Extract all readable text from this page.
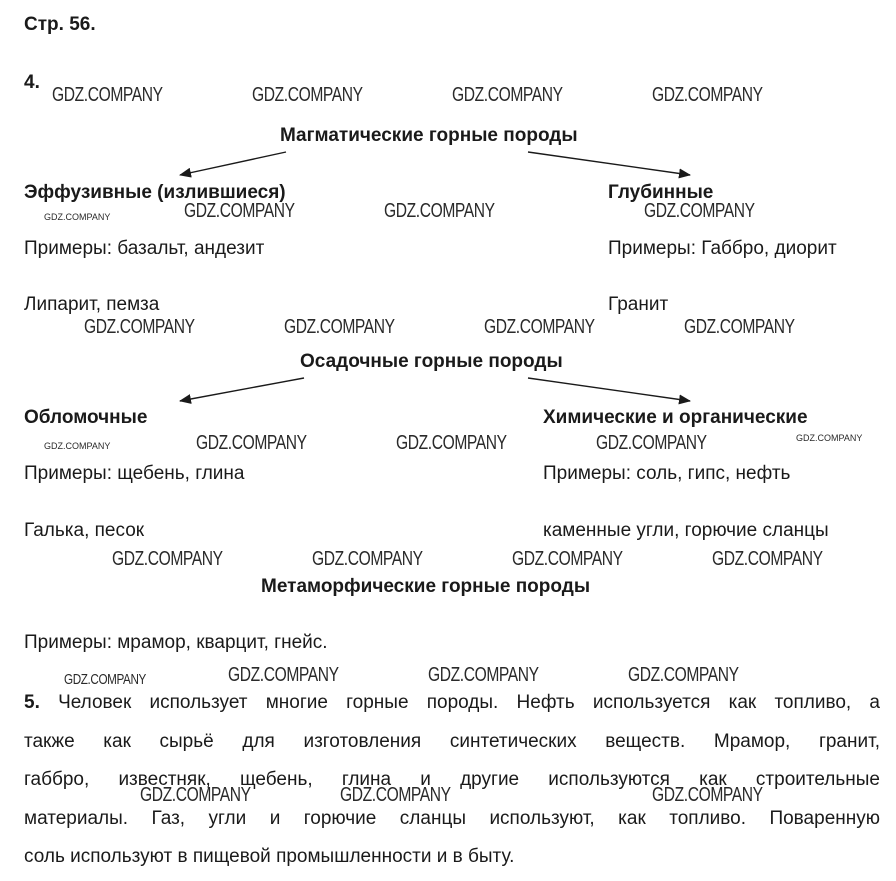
Стр. 56.
4.
Магматические горные породы
Эффузивные (излившиеся)	Глубинные
Примеры: базальт, андезит	Примеры: Габбро, диорит
Липарит, пемза	Гранит
Осадочные горные породы
Обломочные	Химические и органические
Примеры: щебень, глина	Примеры: соль, гипс, нефть
Галька, песок	каменные угли, горючие сланцы
Метаморфические горные породы
Примеры: мрамор, кварцит, гнейс.
5. Человек использует многие горные породы. Нефть используется как топливо, а
также как сырьё для изготовления синтетических веществ. Мрамор, гранит,
габбро, известняк, щебень, глина и другие используются как строительные
материалы. Газ, угли и горючие сланцы используют, как топливо. Поваренную
соль используют в пищевой промышленности и в быту.
GDZ.COMPANY	GDZ.COMPANY	GDZ.COMPANY	GDZ.COMPANY
GDZ.COMPANY	GDZ.COMPANY	GDZ.COMPANY	GDZ.COMPANY
GDZ.COMPANY	GDZ.COMPANY	GDZ.COMPANY	GDZ.COMPANY
GDZ.COMPANY	GDZ.COMPANY	GDZ.COMPANY	GDZ.COMPANY	GDZ.COMPANY
GDZ.COMPANY	GDZ.COMPANY	GDZ.COMPANY	GDZ.COMPANY
GDZ.COMPANY	GDZ.COMPANY	GDZ.COMPANY	GDZ.COMPANY
GDZ.COMPANY	GDZ.COMPANY	GDZ.COMPANY
